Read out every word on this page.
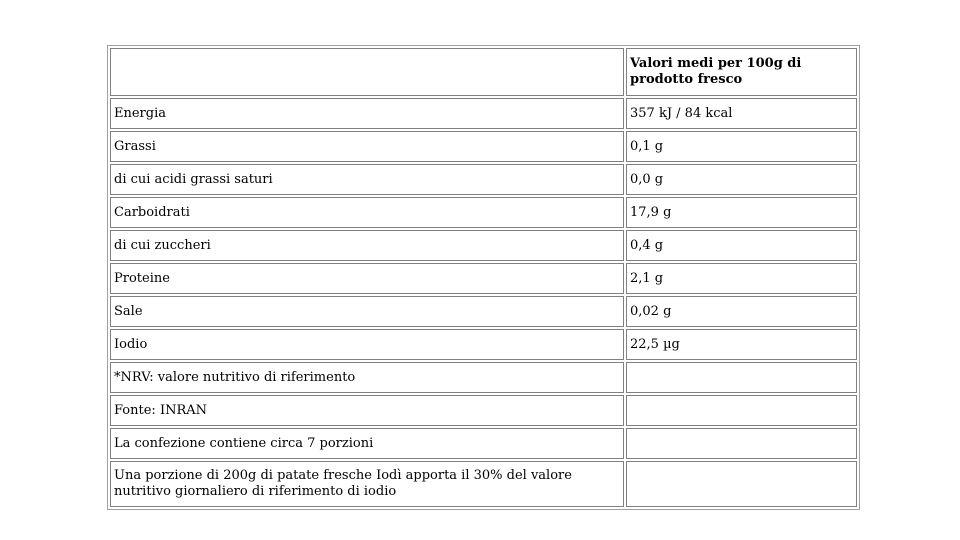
	Valori medi per 100g di prodotto fresco
Energia	357 kJ / 84 kcal
Grassi	0,1 g
di cui acidi grassi saturi	0,0 g
Carboidrati	17,9 g
di cui zuccheri	0,4 g
Proteine	2,1 g
Sale	0,02 g
Iodio	22,5 µg
*NRV: valore nutritivo di riferimento	
Fonte: INRAN	
La confezione contiene circa 7 porzioni	
Una porzione di 200g di patate fresche Iodì apporta il 30% del valore nutritivo giornaliero di riferimento di iodio	
